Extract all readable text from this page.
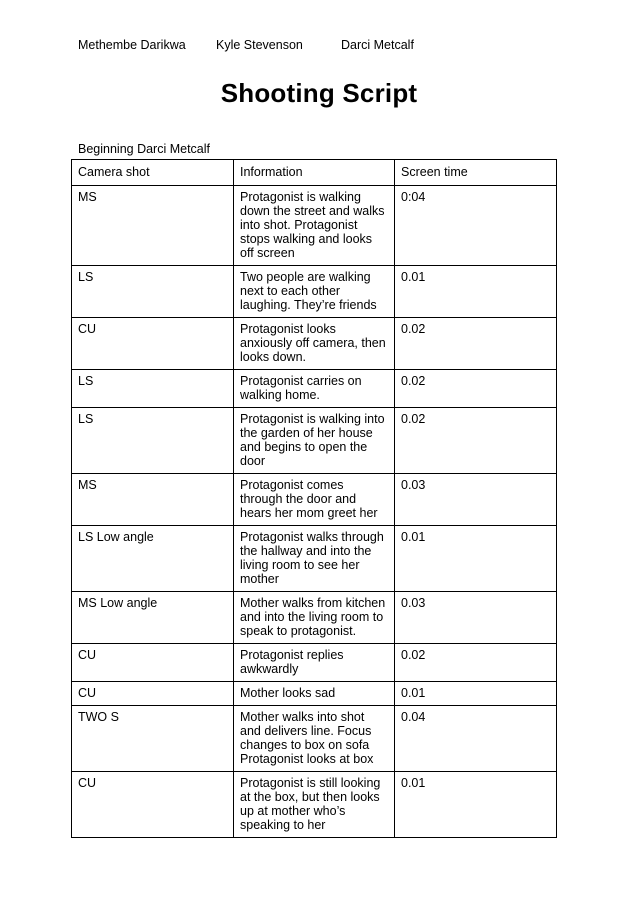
Methembe Darikwa Kyle Stevenson	Darci Metcalf
Shooting Script
Beginning Darci Metcalf
Camera shot	Information	Screen time
MS	Protagonist is walking down the street and walks into shot. Protagonist stops walking and looks off screen	0:04
LS	Two people are walking next to each other laughing. They’re friends	0.01
CU	Protagonist looks anxiously off camera, then looks down.	0.02
LS	Protagonist carries on walking home.	0.02
LS	Protagonist is walking into the garden of her house and begins to open the door	0.02
MS	Protagonist comes through the door and hears her mom greet her	0.03
LS Low angle	Protagonist walks through the hallway and into the living room to see her mother	0.01
MS Low angle	Mother walks from kitchen and into the living room to speak to protagonist.	0.03
CU	Protagonist replies awkwardly	0.02
CU	Mother looks sad	0.01
TWO S	Mother walks into shot and delivers line. Focus changes to box on sofa Protagonist looks at box	0.04
CU	Protagonist is still looking at the box, but then looks up at mother who’s speaking to her	0.01
